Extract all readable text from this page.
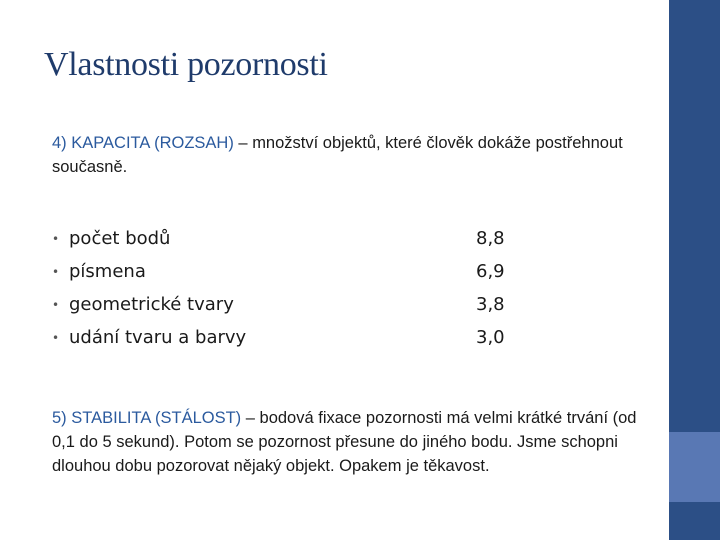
Vlastnosti pozornosti
4) KAPACITA (ROZSAH) – množství objektů, které člověk dokáže postřehnout současně.
• počet bodů
• písmena
• geometrické tvary
• udání tvaru a barvy
8,8
6,9
3,8
3,0
5) STABILITA (STÁLOST) – bodová fixace pozornosti má velmi krátké trvání (od 0,1 do 5 sekund). Potom se pozornost přesune do jiného bodu. Jsme schopni dlouhou dobu pozorovat nějaký objekt. Opakem je těkavost.
